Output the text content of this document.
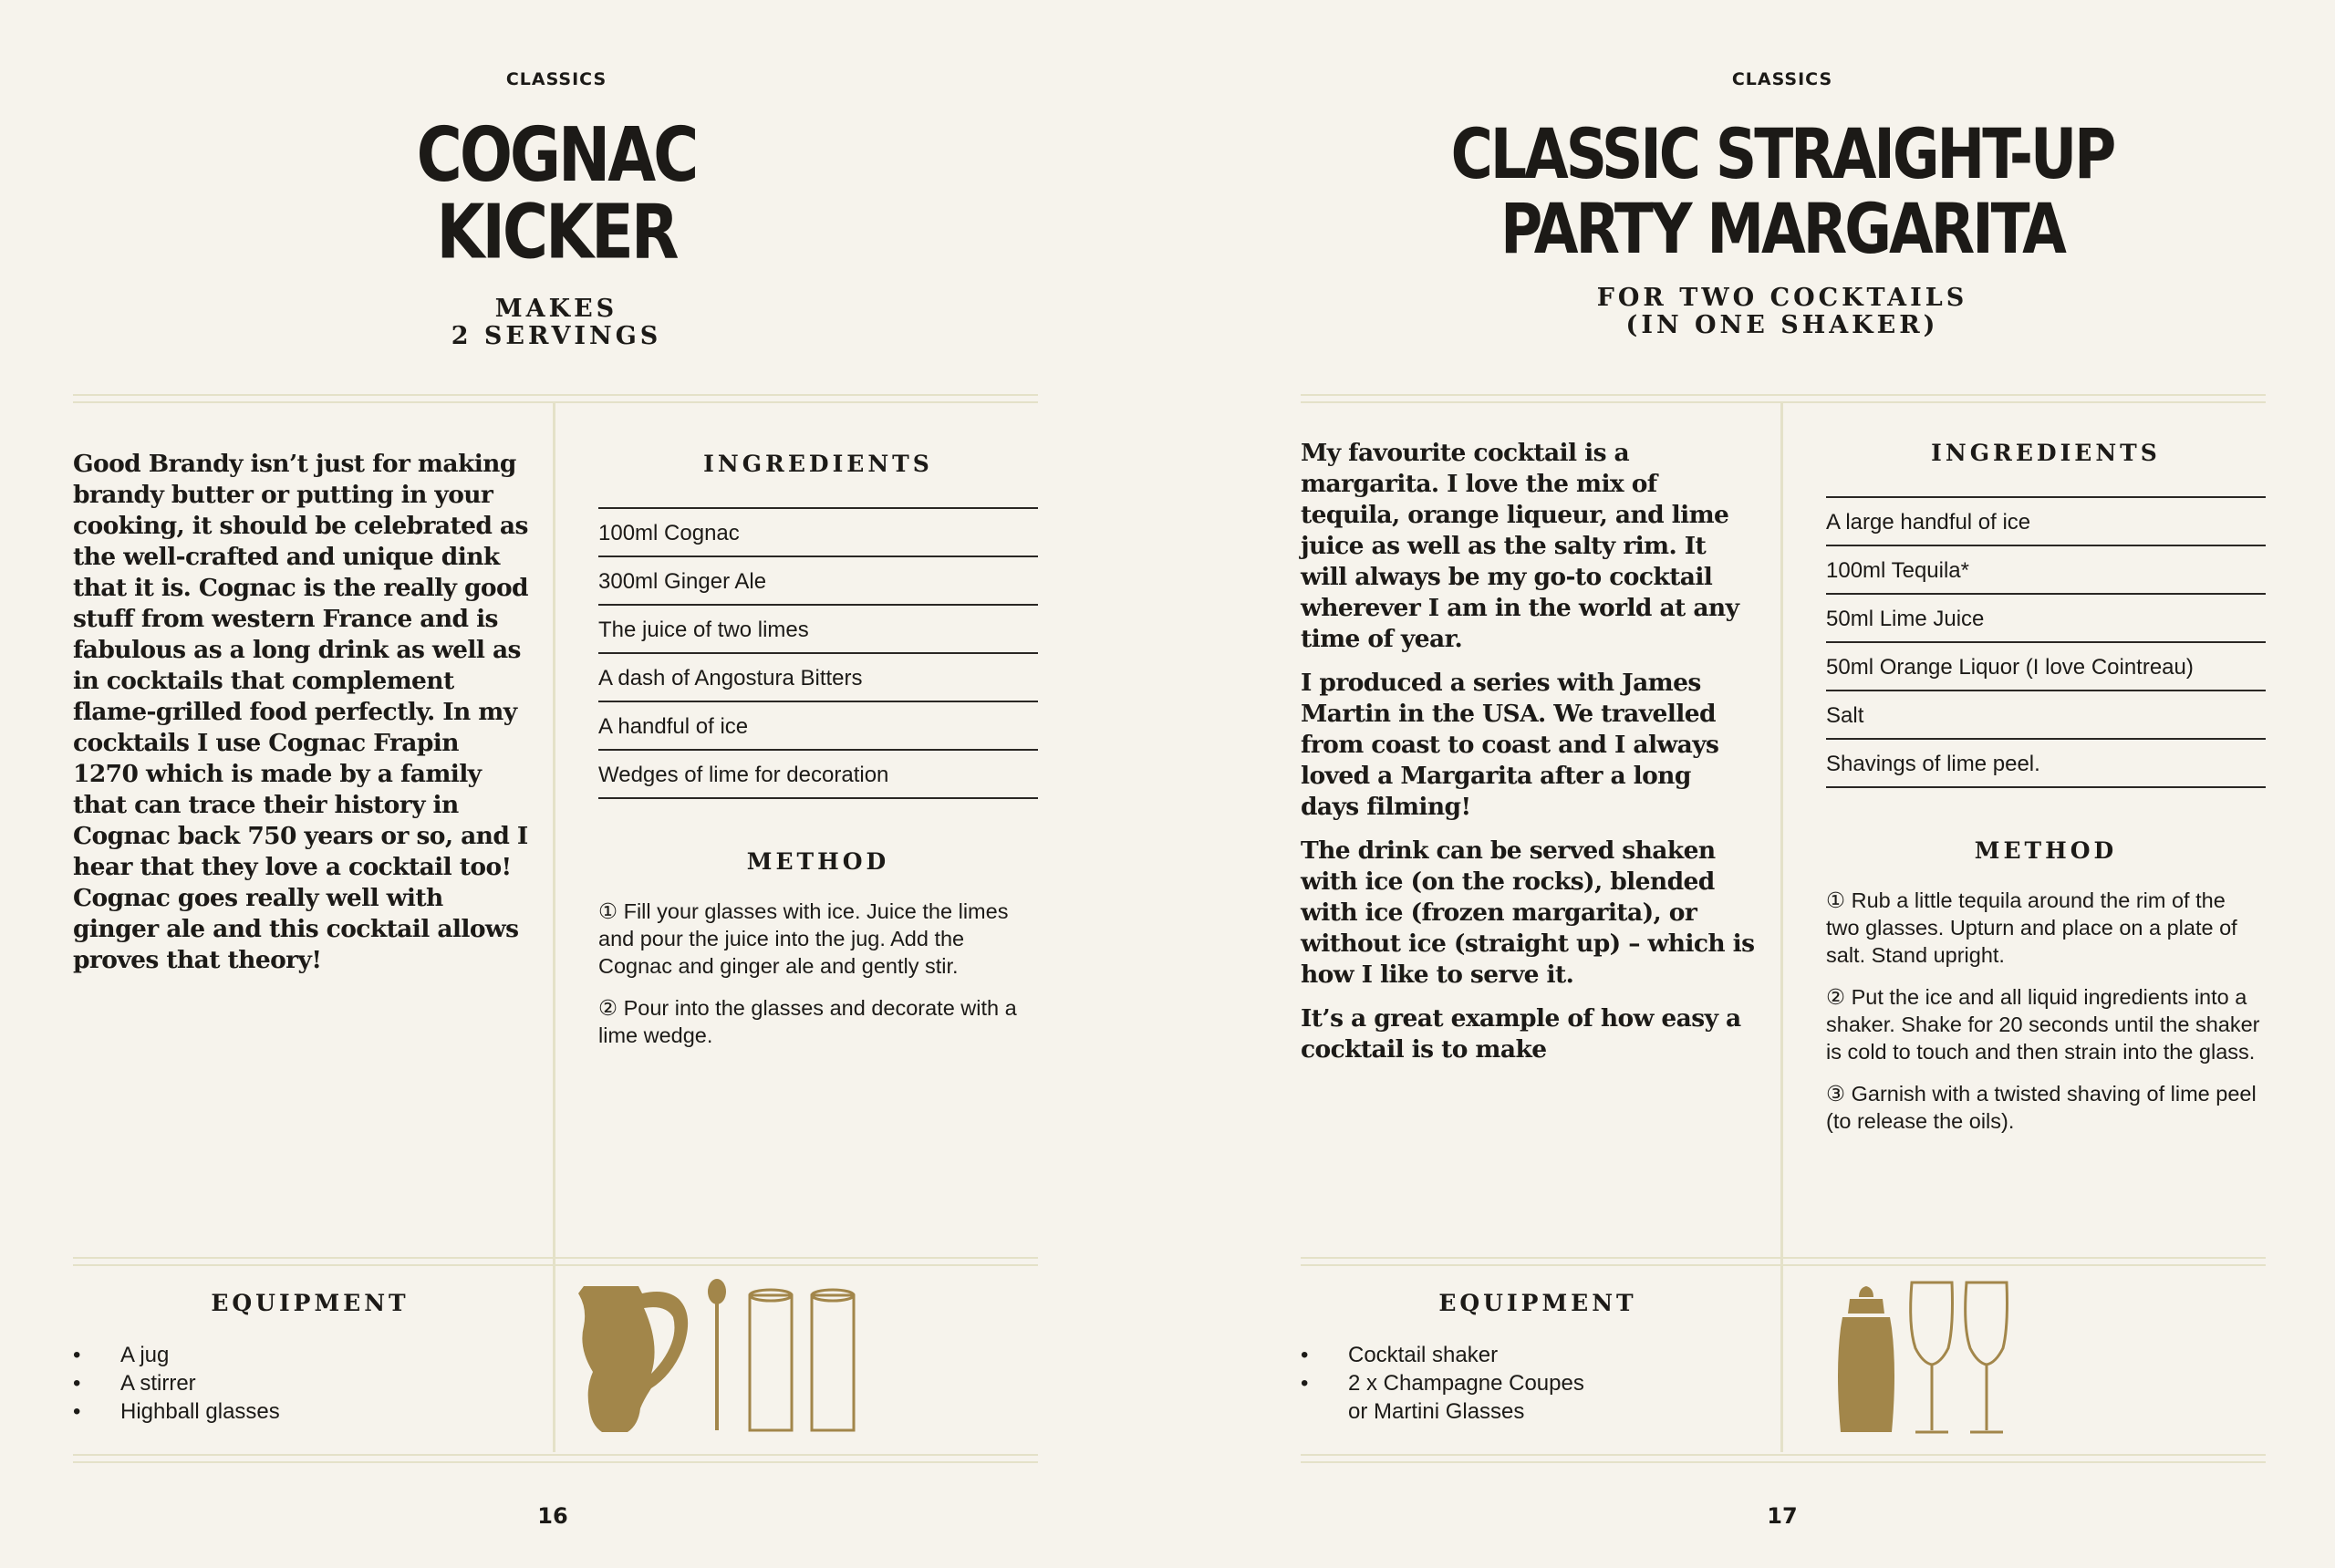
CLASSICS
COGNAC
KICKER
MAKES
2 SERVINGS

Good Brandy isn’t just for making brandy butter or putting in your cooking, it should be celebrated as the well-crafted and unique dink that it is. Cognac is the really good stuff from western France and is fabulous as a long drink as well as in cocktails that complement flame-grilled food perfectly. In my cocktails I use Cognac Frapin 1270 which is made by a family that can trace their history in Cognac back 750 years or so, and I hear that they love a cocktail too! Cognac goes really well with ginger ale and this cocktail allows proves that theory!

INGREDIENTS
100ml Cognac
300ml Ginger Ale
The juice of two limes
A dash of Angostura Bitters
A handful of ice
Wedges of lime for decoration
METHOD

① Fill your glasses with ice. Juice the limes and pour the juice into the jug. Add the Cognac and ginger ale and gently stir.

② Pour into the glasses and decorate with a lime wedge.

EQUIPMENT
• A jug
• A stirrer
• Highball glasses
16
CLASSICS
CLASSIC STRAIGHT-UP
PARTY MARGARITA
FOR TWO COCKTAILS
(IN ONE SHAKER)

My favourite cocktail is a margarita. I love the mix of tequila, orange liqueur, and lime juice as well as the salty rim. It will always be my go-to cocktail wherever I am in the world at any time of year.

I produced a series with James Martin in the USA. We travelled from coast to coast and I always loved a Margarita after a long days filming!

The drink can be served shaken with ice (on the rocks), blended with ice (frozen margarita), or without ice (straight up) – which is how I like to serve it.

It’s a great example of how easy a cocktail is to make

INGREDIENTS
A large handful of ice
100ml Tequila*
50ml Lime Juice
50ml Orange Liquor (I love Cointreau)
Salt
Shavings of lime peel.
METHOD

① Rub a little tequila around the rim of the two glasses. Upturn and place on a plate of salt. Stand upright.

② Put the ice and all liquid ingredients into a shaker. Shake for 20 seconds until the shaker is cold to touch and then strain into the glass.

③ Garnish with a twisted shaving of lime peel (to release the oils).

EQUIPMENT
• Cocktail shaker
• 2 x Champagne Coupes
or Martini Glasses
17
